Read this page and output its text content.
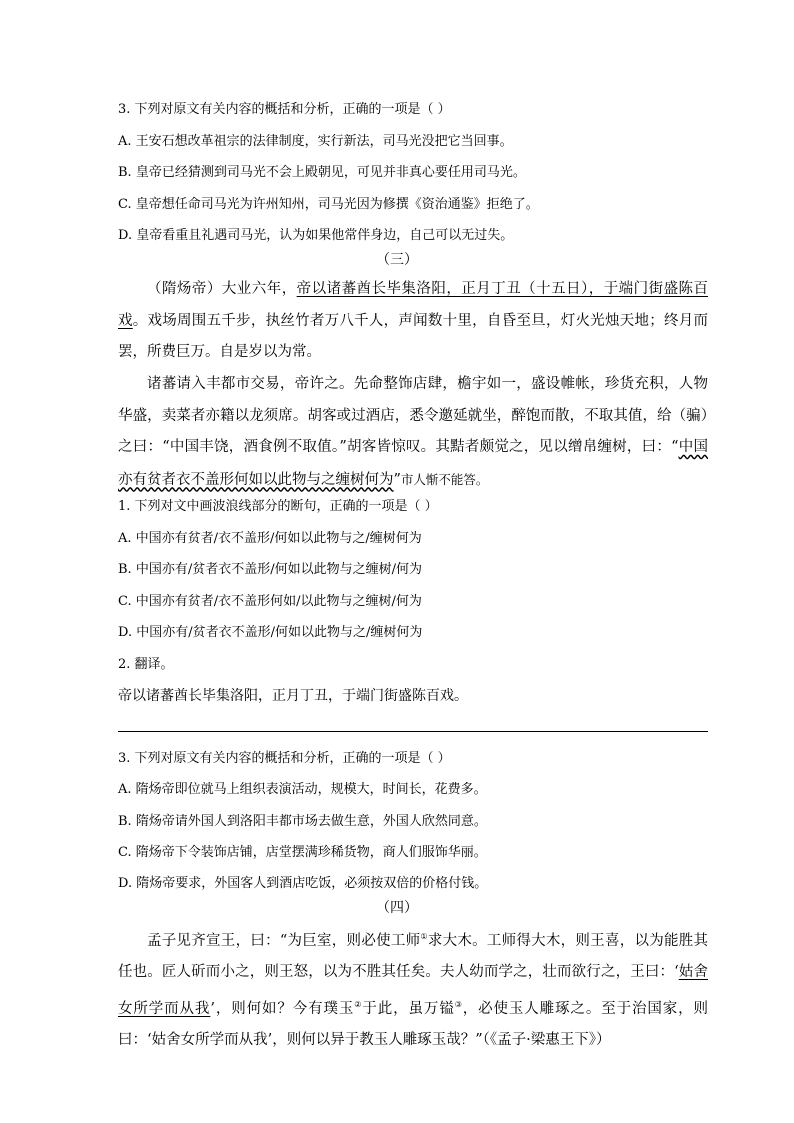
3. 下列对原文有关内容的概括和分析，正确的一项是（ ）
A. 王安石想改革祖宗的法律制度，实行新法，司马光没把它当回事。
B. 皇帝已经猜测到司马光不会上殿朝见，可见并非真心要任用司马光。
C. 皇帝想任命司马光为许州知州，司马光因为修撰《资治通鉴》拒绝了。
D. 皇帝看重且礼遇司马光，认为如果他常伴身边，自己可以无过失。
（三）
（隋炀帝）大业六年，帝以诸蕃酋长毕集洛阳，正月丁丑（十五日），于端门街盛陈百戏。戏场周围五千步，执丝竹者万八千人，声闻数十里，自昏至旦，灯火光烛天地；终月而罢，所费巨万。自是岁以为常。
诸蕃请入丰都市交易，帝许之。先命整饰店肆，檐宇如一，盛设帷帐，珍货充积，人物华盛，卖菜者亦籍以龙须席。胡客或过酒店，悉令邀延就坐，醉饱而散，不取其值，给（骗）之曰：“中国丰饶，酒食例不取值。”胡客皆惊叹。其黠者颇觉之，见以缯帛缠树，曰：“中国亦有贫者衣不盖形何如以此物与之缠树何为”市人惭不能答。
1. 下列对文中画波浪线部分的断句，正确的一项是（ ）
A. 中国亦有贫者/衣不盖形/何如以此物与之/缠树何为
B. 中国亦有/贫者衣不盖形/何如以此物与之缠树/何为
C. 中国亦有贫者/衣不盖形何如/以此物与之缠树/何为
D. 中国亦有/贫者衣不盖形/何如以此物与之/缠树何为
2. 翻译。
帝以诸蕃酋长毕集洛阳，正月丁丑，于端门街盛陈百戏。
3. 下列对原文有关内容的概括和分析，正确的一项是（ ）
A. 隋炀帝即位就马上组织表演活动，规模大，时间长，花费多。
B. 隋炀帝请外国人到洛阳丰都市场去做生意，外国人欣然同意。
C. 隋炀帝下令装饰店铺，店堂摆满珍稀货物，商人们服饰华丽。
D. 隋炀帝要求，外国客人到酒店吃饭，必须按双倍的价格付钱。
（四）
孟子见齐宣王，曰：“为巨室，则必使工师①求大木。工师得大木，则王喜，以为能胜其任也。匠人斫而小之，则王怒，以为不胜其任矣。夫人幼而学之，壮而欲行之，王曰：‘姑舍女所学而从我’，则何如？今有璞玉②于此，虽万镒③，必使玉人雕琢之。至于治国家，则曰：‘姑舍女所学而从我’，则何以异于教玉人雕琢玉哉？”（《孟子·梁惠王下》）
